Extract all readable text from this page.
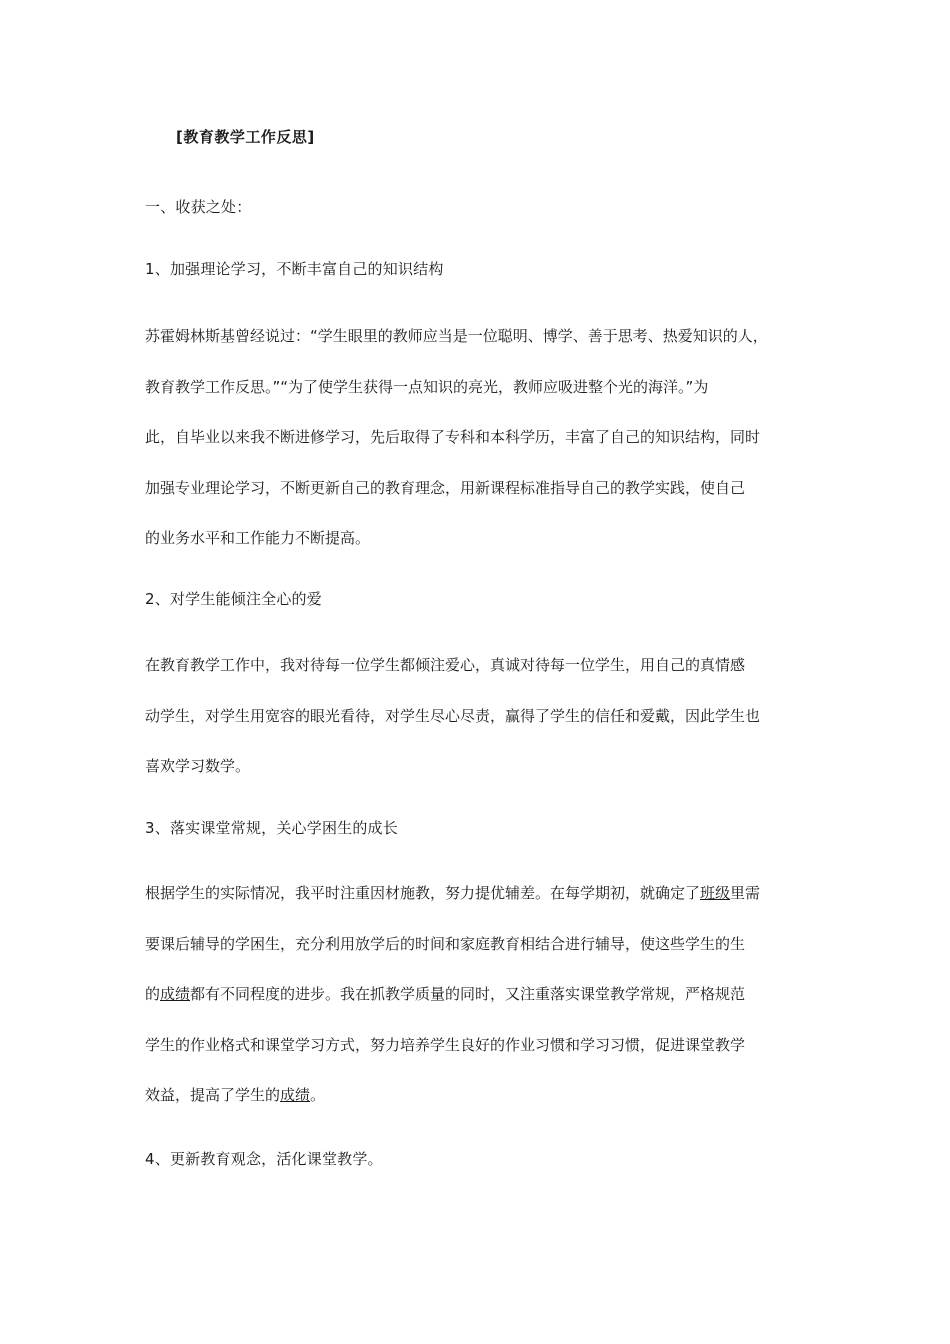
[教育教学工作反思]
一、收获之处：
1、加强理论学习，不断丰富自己的知识结构
苏霍姆林斯基曾经说过：“学生眼里的教师应当是一位聪明、博学、善于思考、热爱知识的人，
教育教学工作反思。”“为了使学生获得一点知识的亮光，教师应吸进整个光的海洋。”为
此，自毕业以来我不断进修学习，先后取得了专科和本科学历，丰富了自己的知识结构，同时
加强专业理论学习，不断更新自己的教育理念，用新课程标准指导自己的教学实践，使自己
的业务水平和工作能力不断提高。
2、对学生能倾注全心的爱
在教育教学工作中，我对待每一位学生都倾注爱心，真诚对待每一位学生，用自己的真情感
动学生，对学生用宽容的眼光看待，对学生尽心尽责，赢得了学生的信任和爱戴，因此学生也
喜欢学习数学。
3、落实课堂常规，关心学困生的成长
根据学生的实际情况，我平时注重因材施教，努力提优辅差。在每学期初，就确定了班级里需
要课后辅导的学困生，充分利用放学后的时间和家庭教育相结合进行辅导，使这些学生的生
的成绩都有不同程度的进步。我在抓教学质量的同时，又注重落实课堂教学常规，严格规范
学生的作业格式和课堂学习方式，努力培养学生良好的作业习惯和学习习惯，促进课堂教学
效益，提高了学生的成绩。
4、更新教育观念，活化课堂教学。
